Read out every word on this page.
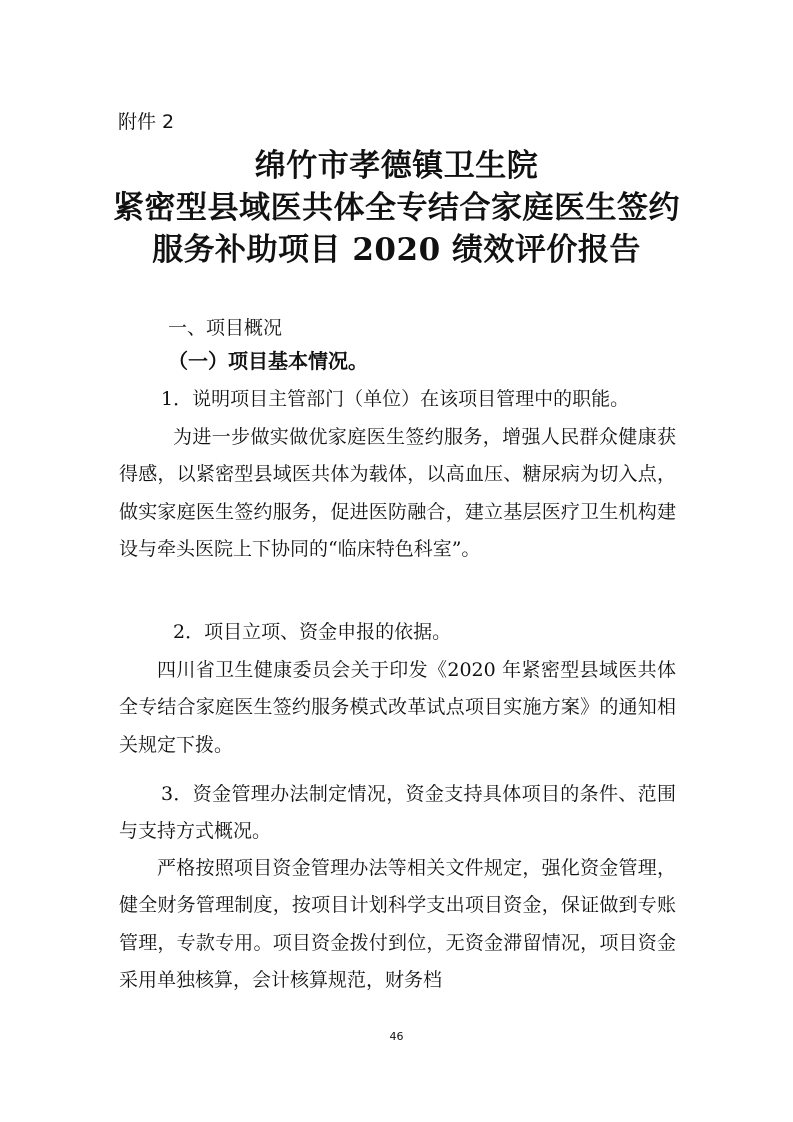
附件 2
绵竹市孝德镇卫生院
紧密型县域医共体全专结合家庭医生签约
服务补助项目 2020 绩效评价报告
一、项目概况
（一）项目基本情况。
1．说明项目主管部门（单位）在该项目管理中的职能。
为进一步做实做优家庭医生签约服务，增强人民群众健康获得感，以紧密型县域医共体为载体，以高血压、糖尿病为切入点，做实家庭医生签约服务，促进医防融合，建立基层医疗卫生机构建设与牵头医院上下协同的“临床特色科室”。
2．项目立项、资金申报的依据。
四川省卫生健康委员会关于印发《2020 年紧密型县域医共体全专结合家庭医生签约服务模式改革试点项目实施方案》的通知相关规定下拨。
3．资金管理办法制定情况，资金支持具体项目的条件、范围与支持方式概况。
严格按照项目资金管理办法等相关文件规定，强化资金管理，健全财务管理制度，按项目计划科学支出项目资金，保证做到专账管理，专款专用。项目资金拨付到位，无资金滞留情况，项目资金采用单独核算，会计核算规范，财务档
46
